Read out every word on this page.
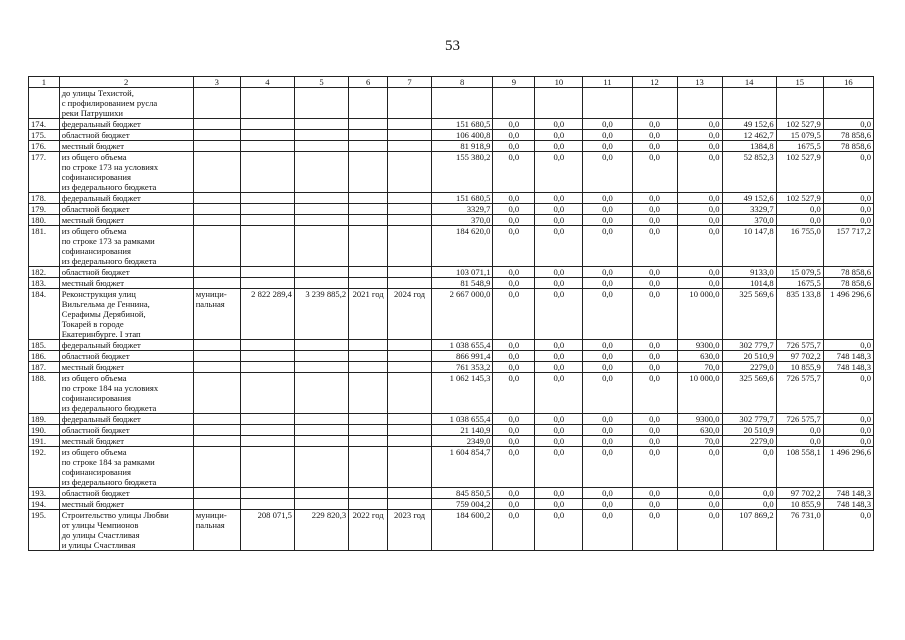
53
1	2	3	4	5	6	7	8	9	10	11	12	13	14	15	16
	до улицы Техистой,
с профилированием русла
реки Патрушихи														
174.	федеральный бюджет						151 680,5	0,0	0,0	0,0	0,0	0,0	49 152,6	102 527,9	0,0
175.	областной бюджет						106 400,8	0,0	0,0	0,0	0,0	0,0	12 462,7	15 079,5	78 858,6
176.	местный бюджет						81 918,9	0,0	0,0	0,0	0,0	0,0	1384,8	1675,5	78 858,6
177.	из общего объема
по строке 173 на условиях
софинансирования
из федерального бюджета						155 380,2	0,0	0,0	0,0	0,0	0,0	52 852,3	102 527,9	0,0
178.	федеральный бюджет						151 680,5	0,0	0,0	0,0	0,0	0,0	49 152,6	102 527,9	0,0
179.	областной бюджет						3329,7	0,0	0,0	0,0	0,0	0,0	3329,7	0,0	0,0
180.	местный бюджет						370,0	0,0	0,0	0,0	0,0	0,0	370,0	0,0	0,0
181.	из общего объема
по строке 173 за рамками
софинансирования
из федерального бюджета						184 620,0	0,0	0,0	0,0	0,0	0,0	10 147,8	16 755,0	157 717,2
182.	областной бюджет						103 071,1	0,0	0,0	0,0	0,0	0,0	9133,0	15 079,5	78 858,6
183.	местный бюджет						81 548,9	0,0	0,0	0,0	0,0	0,0	1014,8	1675,5	78 858,6
184.	Реконструкция улиц
Вильгельма де Геннина,
Серафимы Дерябиной,
Токарей в городе
Екатеринбурге. I этап	муници-
пальная	2 822 289,4	3 239 885,2	2021 год	2024 год	2 667 000,0	0,0	0,0	0,0	0,0	10 000,0	325 569,6	835 133,8	1 496 296,6
185.	федеральный бюджет						1 038 655,4	0,0	0,0	0,0	0,0	9300,0	302 779,7	726 575,7	0,0
186.	областной бюджет						866 991,4	0,0	0,0	0,0	0,0	630,0	20 510,9	97 702,2	748 148,3
187.	местный бюджет						761 353,2	0,0	0,0	0,0	0,0	70,0	2279,0	10 855,9	748 148,3
188.	из общего объема
по строке 184 на условиях
софинансирования
из федерального бюджета						1 062 145,3	0,0	0,0	0,0	0,0	10 000,0	325 569,6	726 575,7	0,0
189.	федеральный бюджет						1 038 655,4	0,0	0,0	0,0	0,0	9300,0	302 779,7	726 575,7	0,0
190.	областной бюджет						21 140,9	0,0	0,0	0,0	0,0	630,0	20 510,9	0,0	0,0
191.	местный бюджет						2349,0	0,0	0,0	0,0	0,0	70,0	2279,0	0,0	0,0
192.	из общего объема
по строке 184 за рамками
софинансирования
из федерального бюджета						1 604 854,7	0,0	0,0	0,0	0,0	0,0	0,0	108 558,1	1 496 296,6
193.	областной бюджет						845 850,5	0,0	0,0	0,0	0,0	0,0	0,0	97 702,2	748 148,3
194.	местный бюджет						759 004,2	0,0	0,0	0,0	0,0	0,0	0,0	10 855,9	748 148,3
195.	Строительство улицы Любви
от улицы Чемпионов
до улицы Счастливая
и улицы Счастливая	муници-
пальная	208 071,5	229 820,3	2022 год	2023 год	184 600,2	0,0	0,0	0,0	0,0	0,0	107 869,2	76 731,0	0,0
